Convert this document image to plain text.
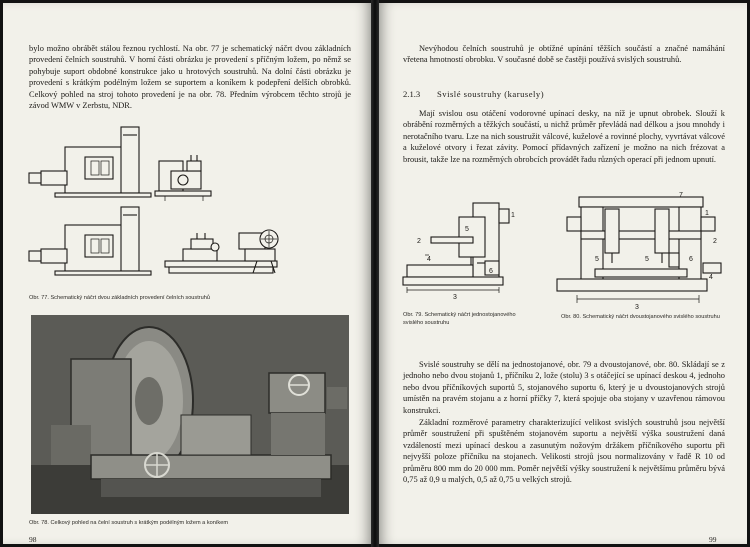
bylo možno obrábět stálou řeznou rychlostí. Na obr. 77 je schematický náčrt dvou základních provedení čelních soustruhů. V horní části obrázku je provedení s příčným ložem, po němž se pohybuje suport obdobné konstrukce jako u hrotových soustruhů. Na dolní části obrázku je provedení s krátkým podélným ložem se suportem a koníkem k podepření delších obrobků. Celkový pohled na stroj tohoto provedení je na obr. 78. Předním výrobcem těchto strojů je závod WMW v Zerbstu, NDR.

Obr. 77. Schematický náčrt dvou základních provedení čelních soustruhů

Obr. 78. Celkový pohled na čelní soustruh s krátkým podélným ložem a koníkem

98

Nevýhodou čelních soustruhů je obtížné upínání těžších součástí a značné namáhání vřetena hmotností obrobku. V současné době se častěji používá svislých soustruhů.

2.1.3 Svislé soustruhy (karusely)

Mají svislou osu otáčení vodorovné upínací desky, na níž je upnut obrobek. Slouží k obrábění rozměrných a těžkých součástí, u nichž průměr převládá nad délkou a jsou mnohdy i nerotačního tvaru. Lze na nich soustružit válcové, kuželové a rovinné plochy, vyvrtávat válcové a kuželové otvory i řezat závity. Pomocí přídavných zařízení je možno na nich frézovat a brousit, takže lze na rozměrných obrobcích provádět řadu různých operací při jednom upnutí.

1
2
4
5
3
6

Obr. 79. Schematický náčrt jednostojanového svislého soustruhu

7
1
2
5	5	6
4
3

Obr. 80. Schematický náčrt dvoustojanového svislého soustruhu

Svislé soustruhy se dělí na jednostojanové, obr. 79 a dvoustojanové, obr. 80. Skládají se z jednoho nebo dvou stojanů 1, příčníku 2, lože (stolu) 3 s otáčející se upínací deskou 4, jednoho nebo dvou příčníkových suportů 5, stojanového suportu 6, který je u dvoustojanových strojů umístěn na pravém stojanu a z horní příčky 7, která spojuje oba stojany v uzavřenou rámovou konstrukci.

Základní rozměrové parametry charakterizující velikost svislých soustruhů jsou největší průměr soustružení při spuštěném stojanovém suportu a největší výška soustružení daná vzdáleností mezi upínací deskou a zasunutým nožovým držákem příčníkového suportu při nejvyšší poloze příčníku na stojanech. Velikosti strojů jsou normalizovány v řadě R 10 od průměru 800 mm do 20 000 mm. Poměr největší výšky soustružení k největšímu průměru bývá 0,75 až 0,9 u malých, 0,5 až 0,75 u velkých strojů.

99
